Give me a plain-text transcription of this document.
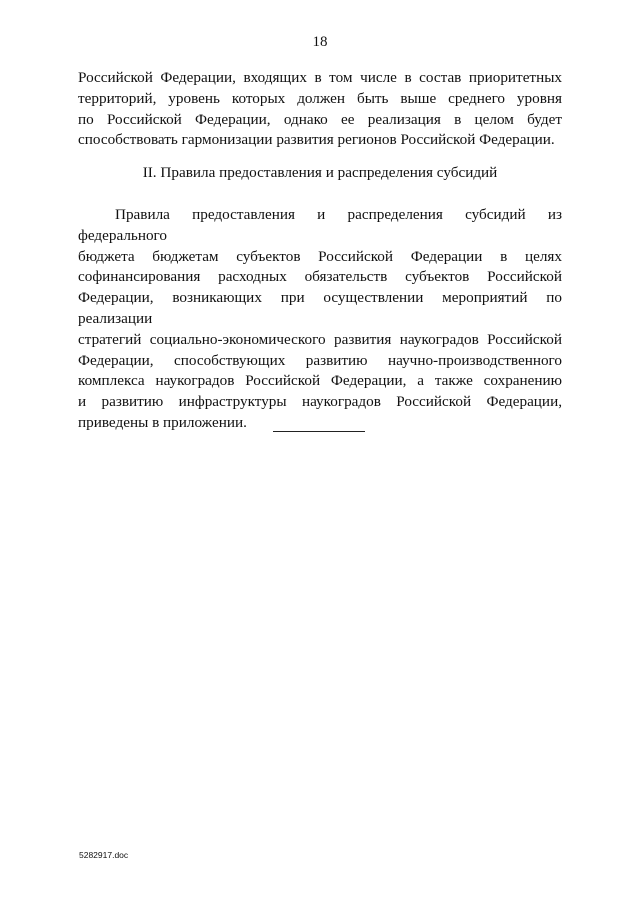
18
Российской Федерации, входящих в том числе в состав приоритетных
территорий, уровень которых должен быть выше среднего уровня
по Российской Федерации, однако ее реализация в целом будет
способствовать гармонизации развития регионов Российской Федерации.
II. Правила предоставления и распределения субсидий
Правила предоставления и распределения субсидий из федерального
бюджета бюджетам субъектов Российской Федерации в целях
софинансирования расходных обязательств субъектов Российской
Федерации, возникающих при осуществлении мероприятий по реализации
стратегий социально-экономического развития наукоградов Российской
Федерации, способствующих развитию научно-производственного
комплекса наукоградов Российской Федерации, а также сохранению
и развитию инфраструктуры наукоградов Российской Федерации,
приведены в приложении.
5282917.doc
